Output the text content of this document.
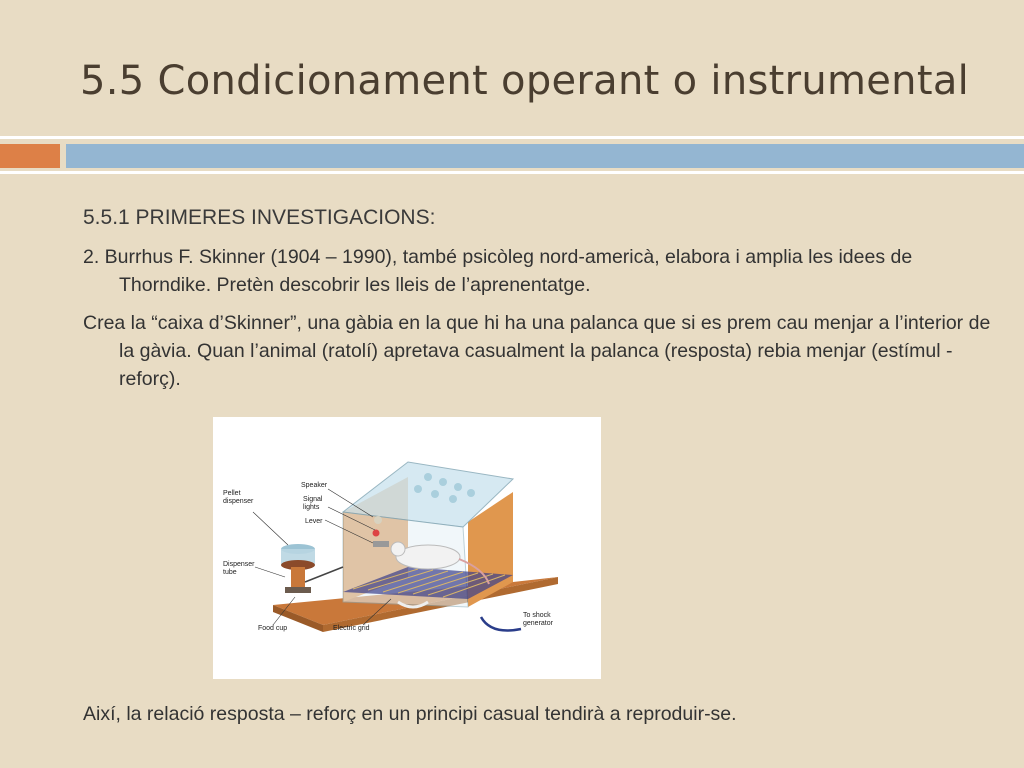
5.5 Condicionament operant o instrumental
5.5.1 PRIMERES INVESTIGACIONS:
2. Burrhus F. Skinner (1904 – 1990), també psicòleg nord-americà, elabora i amplia les idees de Thorndike. Pretèn descobrir les lleis de l’aprenentatge.
Crea la “caixa d’Skinner”, una gàbia en la que hi ha una palanca que si es prem cau menjar a l’interior de la gàvia. Quan l’animal (ratolí) apretava casualment la palanca (resposta) rebia menjar (estímul - reforç).
Pellet
dispenser
Speaker
Signal
lights
Lever
Dispenser
tube
Food cup	Electric grid
To shock
generator
Així, la relació resposta – reforç en un principi casual tendirà a reproduir-se.
